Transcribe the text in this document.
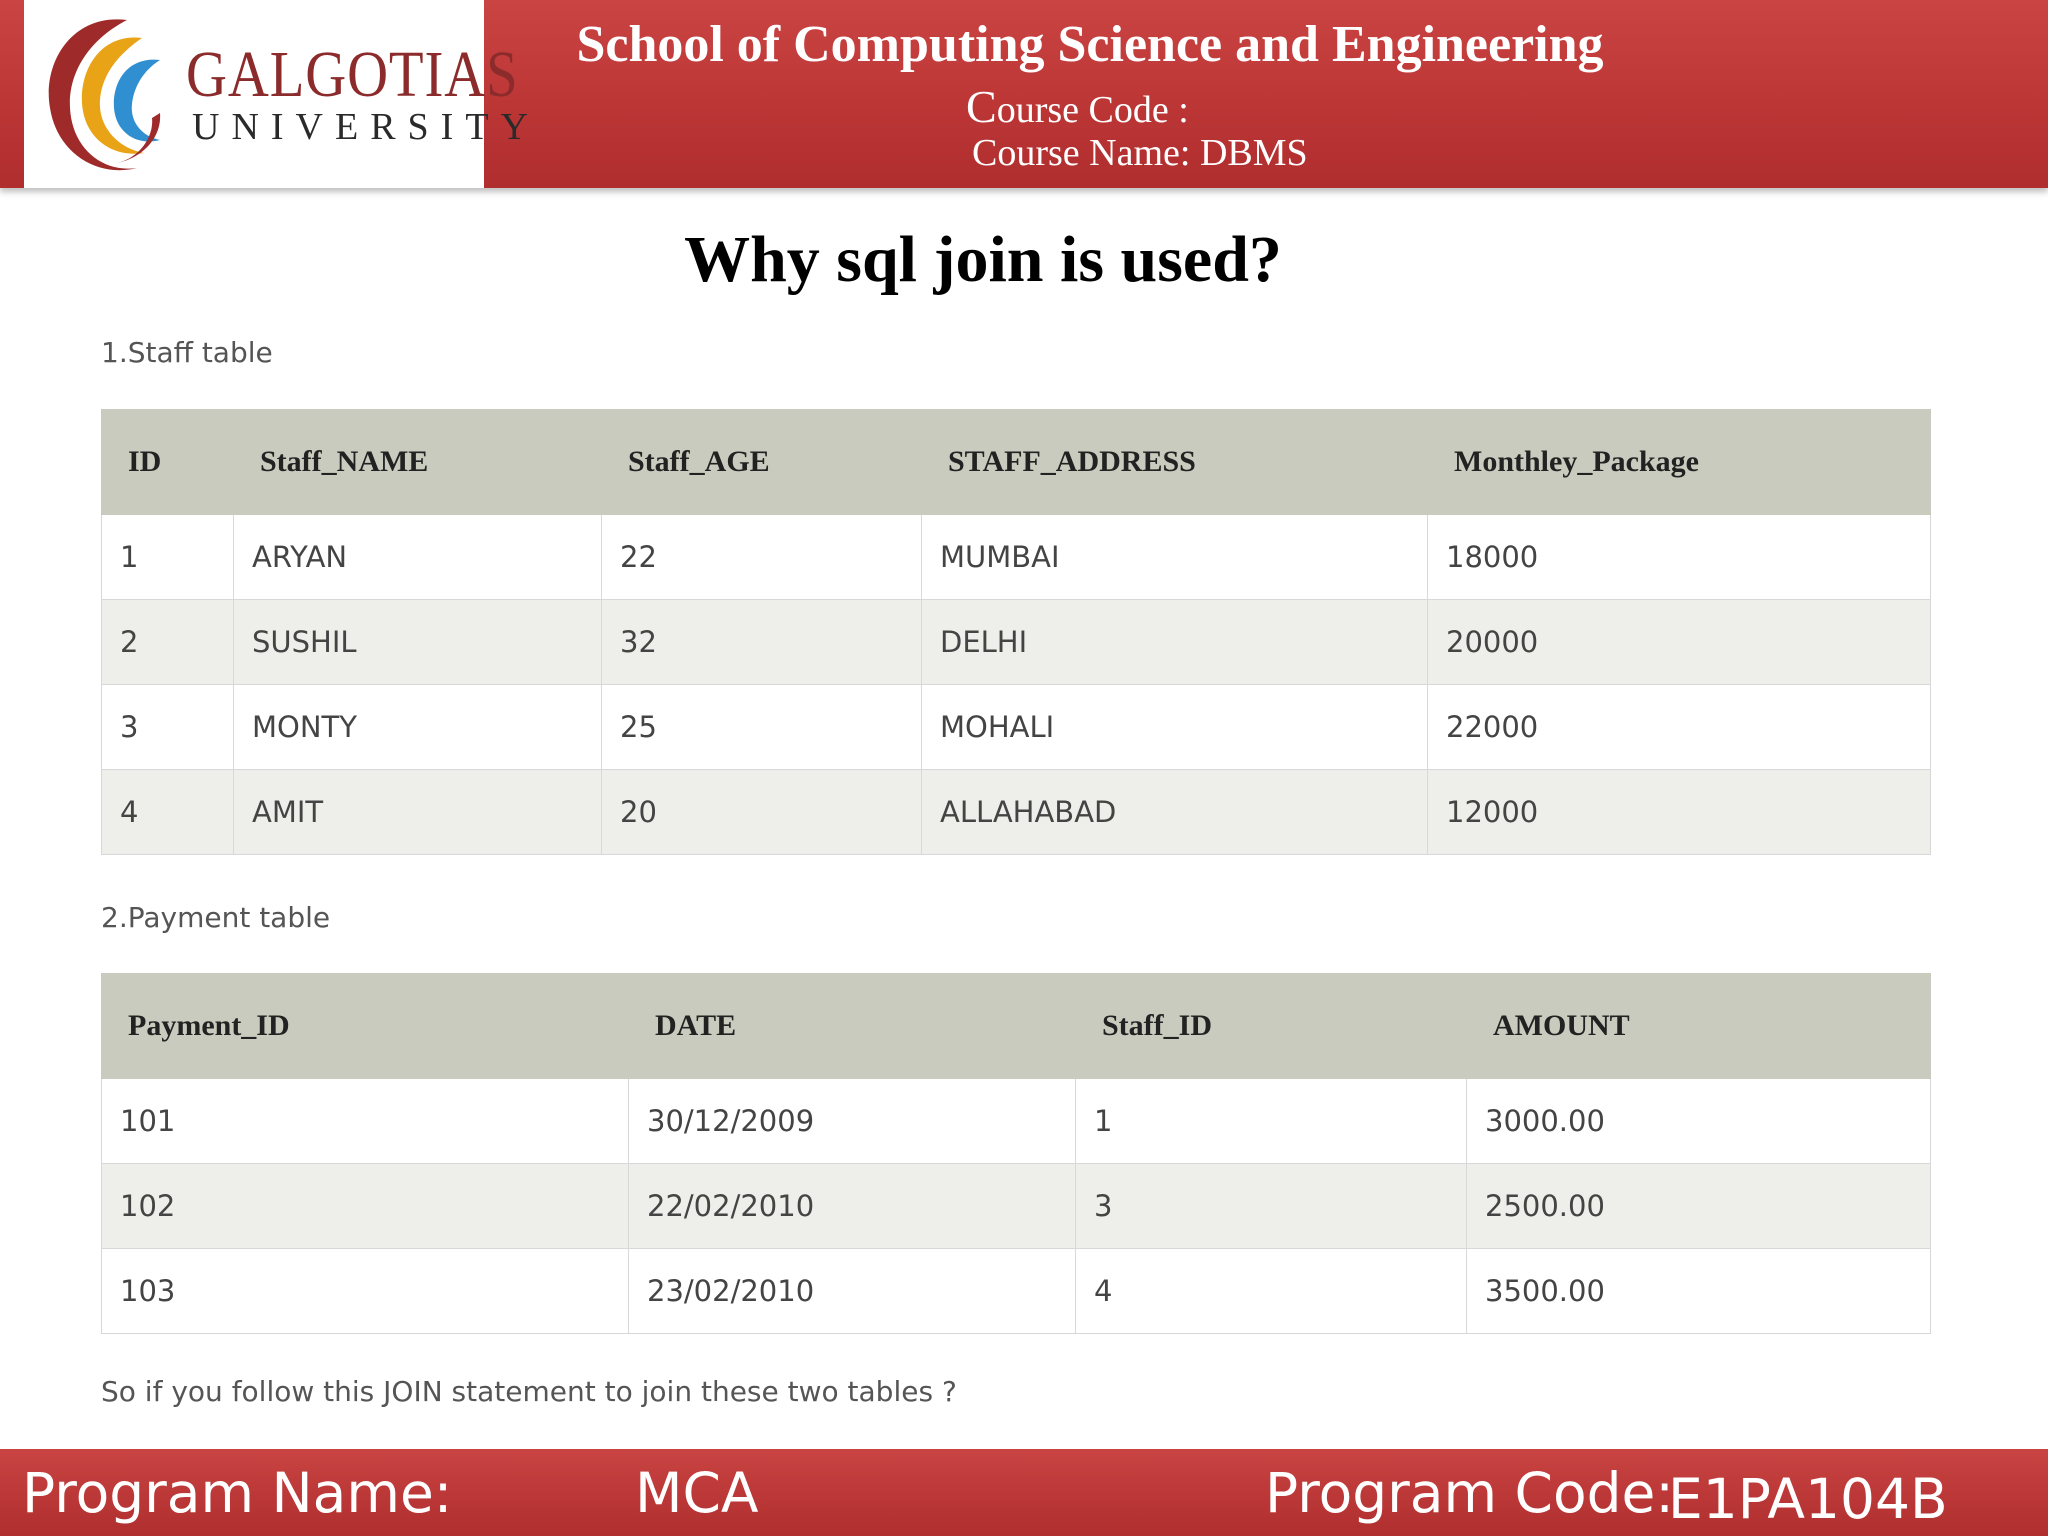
GALGOTIAS
UNIVERSITY
School of Computing Science and Engineering
Course Code :
Course Name: DBMS
Why sql join is used?
1.Staff table
ID	Staff_NAME	Staff_AGE	STAFF_ADDRESS	Monthley_Package
1	ARYAN	22	MUMBAI	18000
2	SUSHIL	32	DELHI	20000
3	MONTY	25	MOHALI	22000
4	AMIT	20	ALLAHABAD	12000
2.Payment table
Payment_ID	DATE	Staff_ID	AMOUNT
101	30/12/2009	1	3000.00
102	22/02/2010	3	2500.00
103	23/02/2010	4	3500.00
So if you follow this JOIN statement to join these two tables ?
Program Name:	MCA	Program Code:
E1PA104B
